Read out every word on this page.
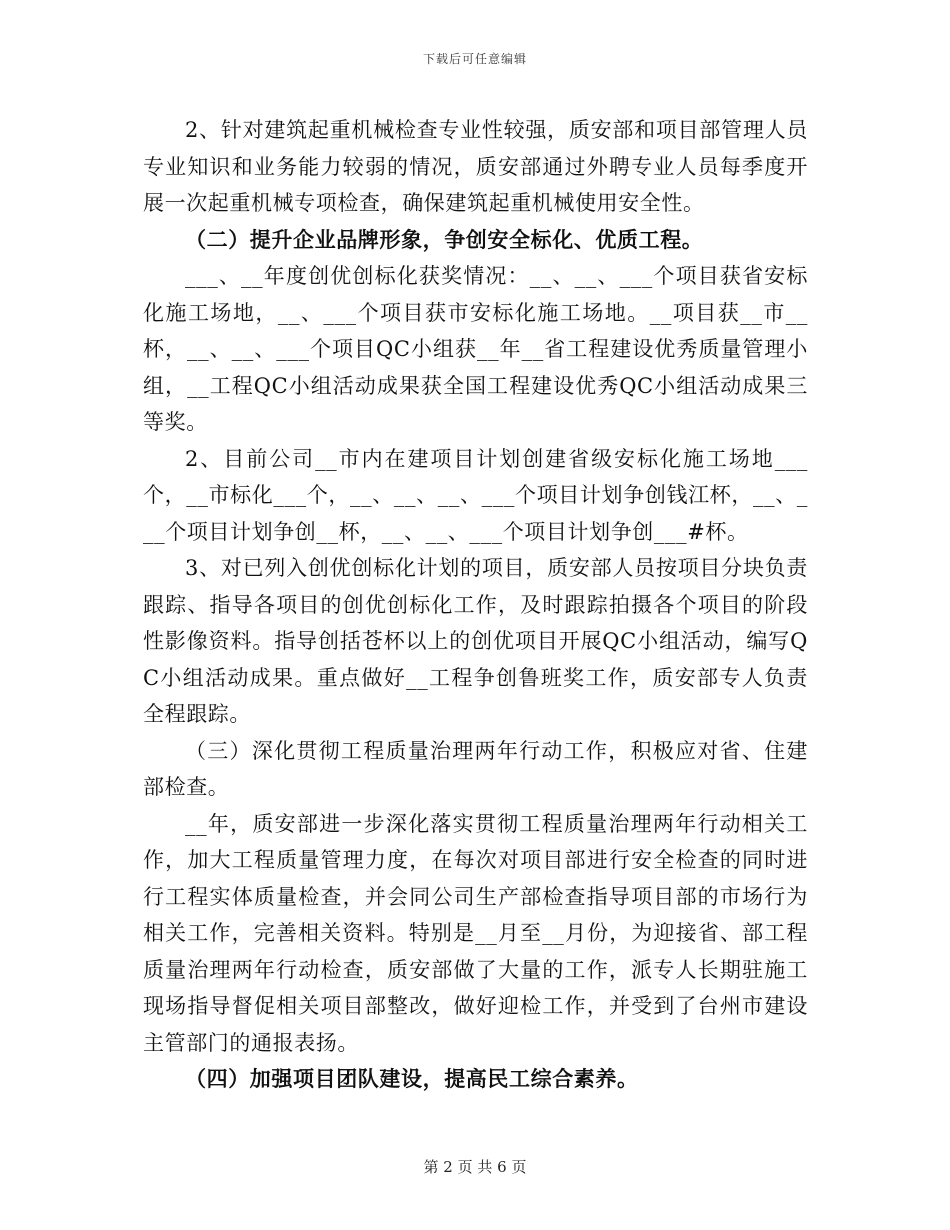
下载后可任意编辑

2、针对建筑起重机械检查专业性较强，质安部和项目部管理人员专业知识和业务能力较弱的情况，质安部通过外聘专业人员每季度开展一次起重机械专项检查，确保建筑起重机械使用安全性。

（二）提升企业品牌形象，争创安全标化、优质工程。

___、__年度创优创标化获奖情况：__、__、___个项目获省安标化施工场地，__、___个项目获市安标化施工场地。__项目获__市__杯，__、__、___个项目QC小组获__年__省工程建设优秀质量管理小组，__工程QC小组活动成果获全国工程建设优秀QC小组活动成果三等奖。

2、目前公司__市内在建项目计划创建省级安标化施工场地___个，__市标化___个，__、__、__、___个项目计划争创钱江杯，__、___个项目计划争创__杯，__、__、___个项目计划争创___#杯。

3、对已列入创优创标化计划的项目，质安部人员按项目分块负责跟踪、指导各项目的创优创标化工作，及时跟踪拍摄各个项目的阶段性影像资料。指导创括苍杯以上的创优项目开展QC小组活动，编写QC小组活动成果。重点做好__工程争创鲁班奖工作，质安部专人负责全程跟踪。

（三）深化贯彻工程质量治理两年行动工作，积极应对省、住建部检查。

__年，质安部进一步深化落实贯彻工程质量治理两年行动相关工作，加大工程质量管理力度，在每次对项目部进行安全检查的同时进行工程实体质量检查，并会同公司生产部检查指导项目部的市场行为相关工作，完善相关资料。特别是__月至__月份，为迎接省、部工程质量治理两年行动检查，质安部做了大量的工作，派专人长期驻施工现场指导督促相关项目部整改，做好迎检工作，并受到了台州市建设主管部门的通报表扬。

（四）加强项目团队建设，提高民工综合素养。

第 2 页 共 6 页
